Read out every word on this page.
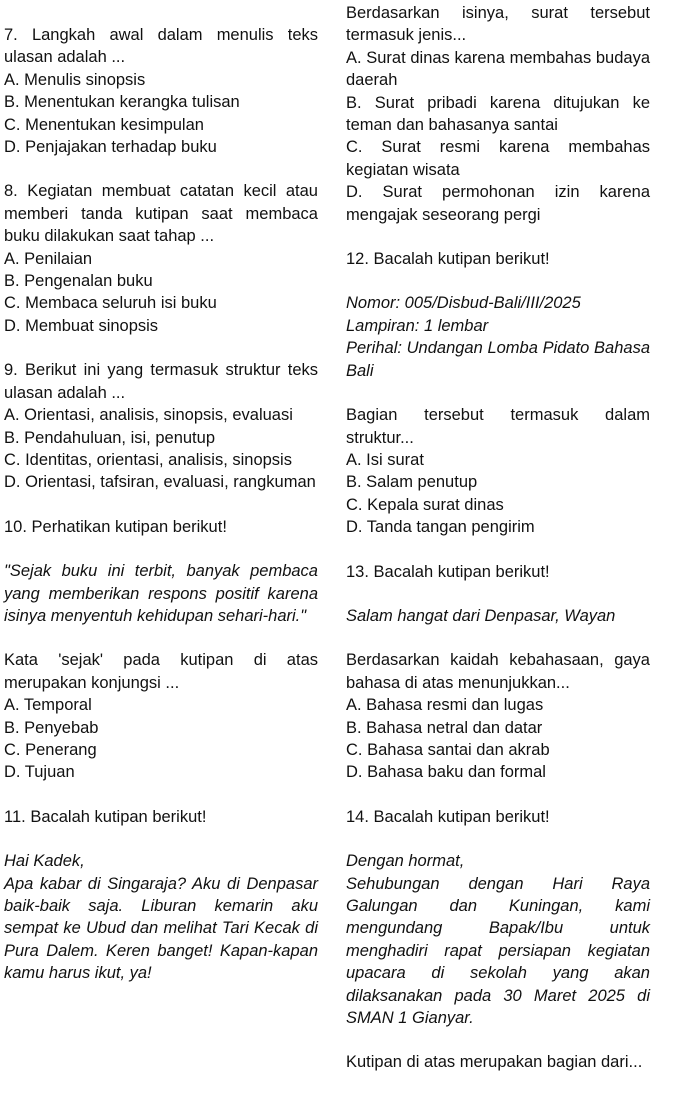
7. Langkah awal dalam menulis teks ulasan adalah ...
A. Menulis sinopsis
B. Menentukan kerangka tulisan
C. Menentukan kesimpulan
D. Penjajakan terhadap buku
8. Kegiatan membuat catatan kecil atau memberi tanda kutipan saat membaca buku dilakukan saat tahap ...
A. Penilaian
B. Pengenalan buku
C. Membaca seluruh isi buku
D. Membuat sinopsis
9. Berikut ini yang termasuk struktur teks ulasan adalah ...
A. Orientasi, analisis, sinopsis, evaluasi
B. Pendahuluan, isi, penutup
C. Identitas, orientasi, analisis, sinopsis
D. Orientasi, tafsiran, evaluasi, rangkuman
10. Perhatikan kutipan berikut!
"Sejak buku ini terbit, banyak pembaca yang memberikan respons positif karena isinya menyentuh kehidupan sehari-hari."
Kata 'sejak' pada kutipan di atas merupakan konjungsi ...
A. Temporal
B. Penyebab
C. Penerang
D. Tujuan
11. Bacalah kutipan berikut!
Hai Kadek,
Apa kabar di Singaraja? Aku di Denpasar baik-baik saja. Liburan kemarin aku sempat ke Ubud dan melihat Tari Kecak di Pura Dalem. Keren banget! Kapan-kapan kamu harus ikut, ya!
Berdasarkan isinya, surat tersebut termasuk jenis...
A. Surat dinas karena membahas budaya daerah
B. Surat pribadi karena ditujukan ke teman dan bahasanya santai
C. Surat resmi karena membahas kegiatan wisata
D. Surat permohonan izin karena mengajak seseorang pergi
12. Bacalah kutipan berikut!
Nomor: 005/Disbud-Bali/III/2025
Lampiran: 1 lembar
Perihal: Undangan Lomba Pidato Bahasa Bali
Bagian tersebut termasuk dalam struktur...
A. Isi surat
B. Salam penutup
C. Kepala surat dinas
D. Tanda tangan pengirim
13. Bacalah kutipan berikut!
Salam hangat dari Denpasar, Wayan
Berdasarkan kaidah kebahasaan, gaya bahasa di atas menunjukkan...
A. Bahasa resmi dan lugas
B. Bahasa netral dan datar
C. Bahasa santai dan akrab
D. Bahasa baku dan formal
14. Bacalah kutipan berikut!
Dengan hormat,
Sehubungan dengan Hari Raya Galungan dan Kuningan, kami mengundang Bapak/Ibu untuk menghadiri rapat persiapan kegiatan upacara di sekolah yang akan dilaksanakan pada 30 Maret 2025 di SMAN 1 Gianyar.
Kutipan di atas merupakan bagian dari...
